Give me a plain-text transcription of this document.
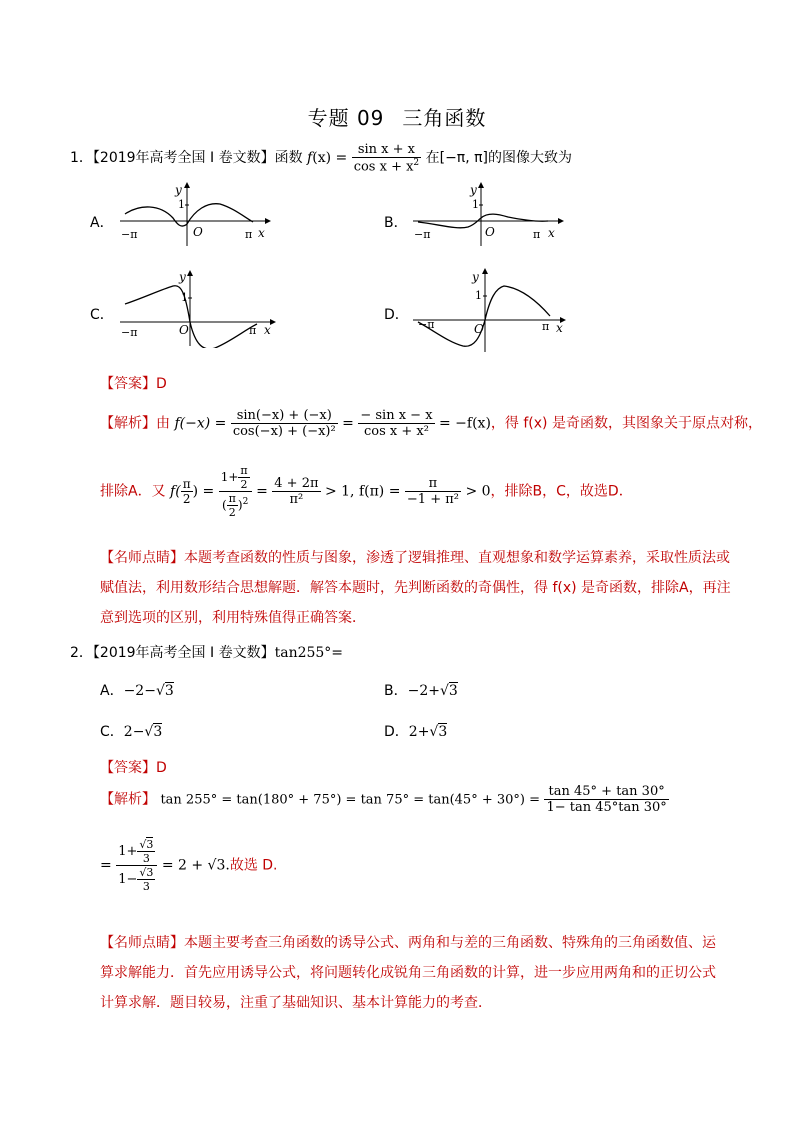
专题 09 三角函数
1．【2019年高考全国 I 卷文数】函数 $f(x) = \frac{\text{sin x + x}}{\cos x + x^2}$ 在[−π, π]的图像大致为
A．
y
1
O
−π	π x
B．
y
1
O
−π	π x
C．
y
1
O
−π	π x
D．
y
1
O
−π	π x
【答案】D
【解析】由 $f(-x) = \frac{\sin(-x) + (-x)}{\text{cos(−x) + (−x)²}} = \frac{\text{− sin x − x}}{\text{cos x + x²}} = -f(x)$，得 f(x) 是奇函数，其图象关于原点对称，
排除A．又 $f( \frac{\pi}{2}$ ) = $\frac{1+ \frac{\pi}{2}}{( \frac{\pi}{2} )^2} = \frac{4 + 2\pi}{\text{π²}} > 1$, $f(\pi) = \frac{\pi}{\text{−1 + π²}} > 0$，排除B，C，故选D．
【名师点睛】本题考查函数的性质与图象，渗透了逻辑推理、直观想象和数学运算素养，采取性质法或
赋值法，利用数形结合思想解题．解答本题时，先判断函数的奇偶性，得 f(x) 是奇函数，排除A，再注
意到选项的区别，利用特殊值得正确答案．
2．【2019年高考全国 I 卷文数】tan255°=
A．−2−√3	B．−2+√3
C．2−√3	D．2+√3
【答案】D
【解析】 $\tan 255^\circ = \tan(180^\circ + 75^\circ) = \tan 75^\circ = \tan(45^\circ + 30^\circ) = \frac{\tan 45^\circ + \tan 30^\circ}{1- \tan 45^\circ\tan 30^\circ}$
= $\frac{1+ \frac{√3}{3}}{1- \frac{√3}{3}} = 2 + √3$.故选 D.
【名师点睛】本题主要考查三角函数的诱导公式、两角和与差的三角函数、特殊角的三角函数值、运
算求解能力．首先应用诱导公式，将问题转化成锐角三角函数的计算，进一步应用两角和的正切公式
计算求解．题目较易，注重了基础知识、基本计算能力的考查．
